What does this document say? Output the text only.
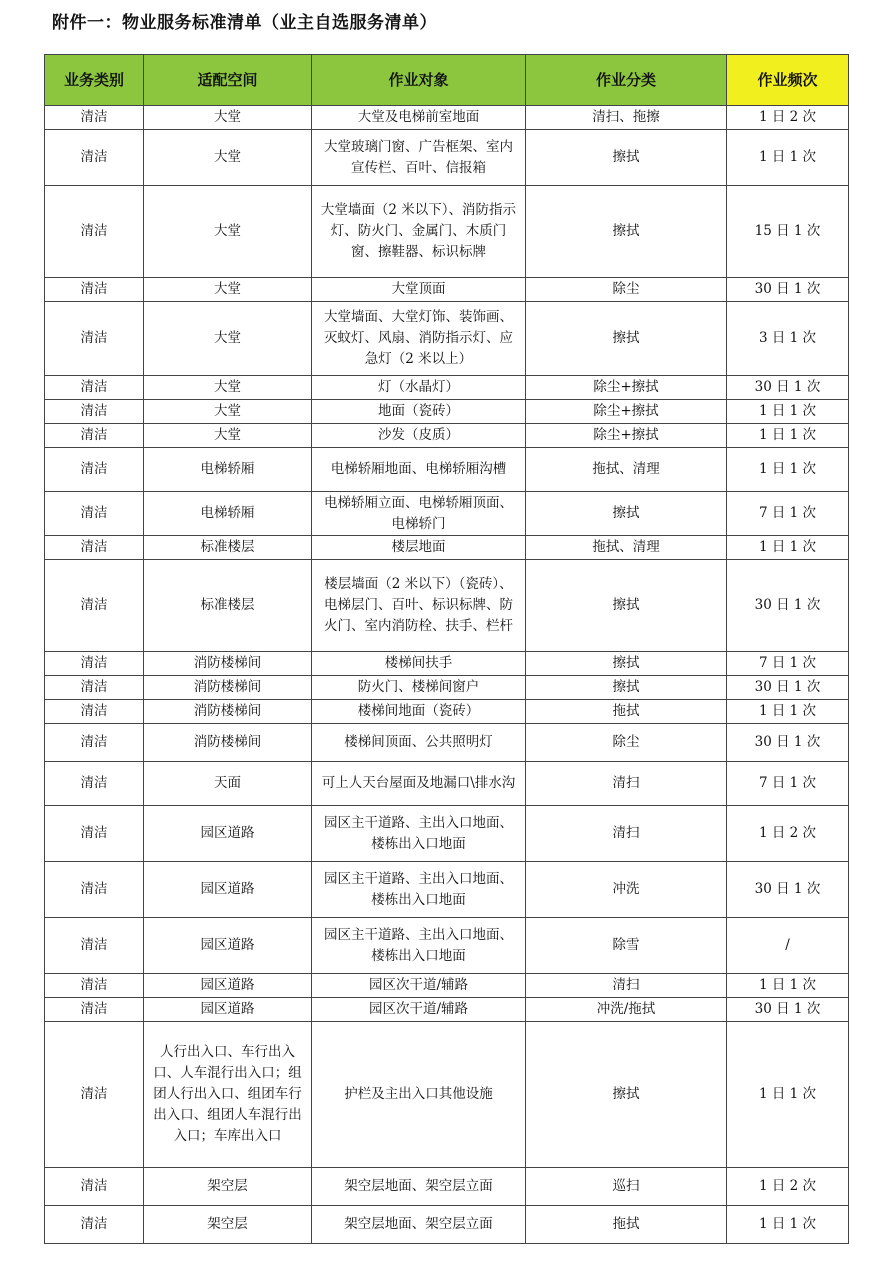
附件一：物业服务标准清单（业主自选服务清单）
业务类别	适配空间	作业对象	作业分类	作业频次
清洁	大堂	大堂及电梯前室地面	清扫、拖擦	1 日 2 次
清洁	大堂	大堂玻璃门窗、广告框架、室内宣传栏、百叶、信报箱	擦拭	1 日 1 次
清洁	大堂	大堂墙面（2 米以下）、消防指示灯、防火门、金属门、木质门窗、擦鞋器、标识标牌	擦拭	15 日 1 次
清洁	大堂	大堂顶面	除尘	30 日 1 次
清洁	大堂	大堂墙面、大堂灯饰、装饰画、灭蚊灯、风扇、消防指示灯、应急灯（2 米以上）	擦拭	3 日 1 次
清洁	大堂	灯（水晶灯）	除尘+擦拭	30 日 1 次
清洁	大堂	地面（瓷砖）	除尘+擦拭	1 日 1 次
清洁	大堂	沙发（皮质）	除尘+擦拭	1 日 1 次
清洁	电梯轿厢	电梯轿厢地面、电梯轿厢沟槽	拖拭、清理	1 日 1 次
清洁	电梯轿厢	电梯轿厢立面、电梯轿厢顶面、电梯轿门	擦拭	7 日 1 次
清洁	标准楼层	楼层地面	拖拭、清理	1 日 1 次
清洁	标准楼层	楼层墙面（2 米以下）（瓷砖）、电梯层门、百叶、标识标牌、防火门、室内消防栓、扶手、栏杆	擦拭	30 日 1 次
清洁	消防楼梯间	楼梯间扶手	擦拭	7 日 1 次
清洁	消防楼梯间	防火门、楼梯间窗户	擦拭	30 日 1 次
清洁	消防楼梯间	楼梯间地面（瓷砖）	拖拭	1 日 1 次
清洁	消防楼梯间	楼梯间顶面、公共照明灯	除尘	30 日 1 次
清洁	天面	可上人天台屋面及地漏口\排水沟	清扫	7 日 1 次
清洁	园区道路	园区主干道路、主出入口地面、楼栋出入口地面	清扫	1 日 2 次
清洁	园区道路	园区主干道路、主出入口地面、楼栋出入口地面	冲洗	30 日 1 次
清洁	园区道路	园区主干道路、主出入口地面、楼栋出入口地面	除雪	/
清洁	园区道路	园区次干道/辅路	清扫	1 日 1 次
清洁	园区道路	园区次干道/辅路	冲洗/拖拭	30 日 1 次
清洁	人行出入口、车行出入口、人车混行出入口；组团人行出入口、组团车行出入口、组团人车混行出入口；车库出入口	护栏及主出入口其他设施	擦拭	1 日 1 次
清洁	架空层	架空层地面、架空层立面	巡扫	1 日 2 次
清洁	架空层	架空层地面、架空层立面	拖拭	1 日 1 次
